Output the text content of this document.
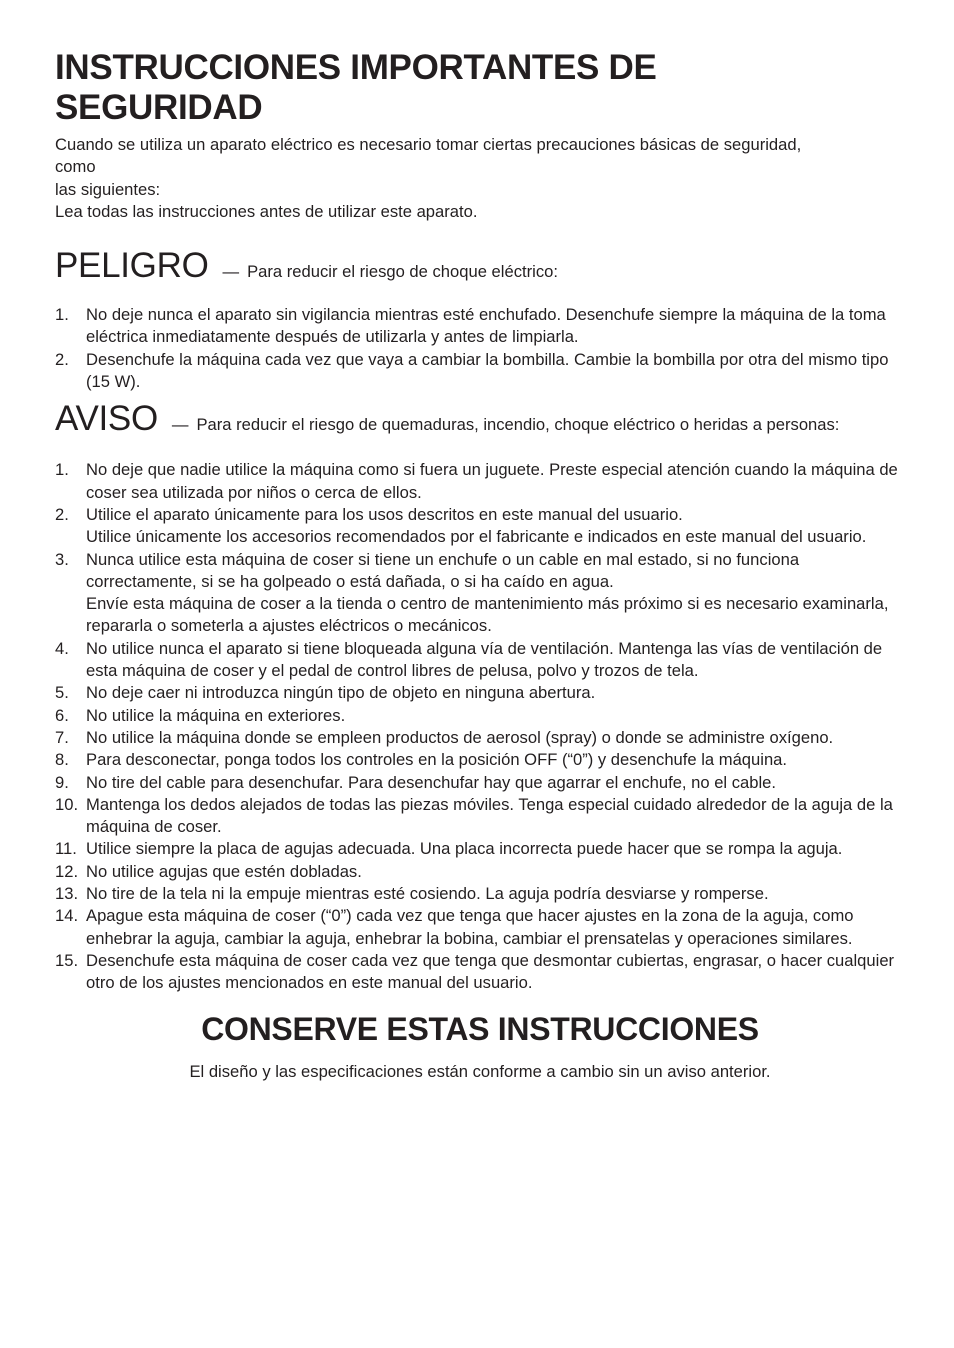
INSTRUCCIONES IMPORTANTES DE SEGURIDAD
Cuando se utiliza un aparato eléctrico es necesario tomar ciertas precauciones básicas de seguridad,
como
las siguientes:
Lea todas las instrucciones antes de utilizar este aparato.
PELIGRO — Para reducir el riesgo de choque eléctrico:
1.	No deje nunca el aparato sin vigilancia mientras esté enchufado. Desenchufe siempre la máquina de la toma eléctrica inmediatamente después de utilizarla y antes de limpiarla.
2.	Desenchufe la máquina cada vez que vaya a cambiar la bombilla. Cambie la bombilla por otra del mismo tipo (15 W).
AVISO — Para reducir el riesgo de quemaduras, incendio, choque eléctrico o heridas a personas:
1.	No deje que nadie utilice la máquina como si fuera un juguete. Preste especial atención cuando la máquina de coser sea utilizada por niños o cerca de ellos.
2.	Utilice el aparato únicamente para los usos descritos en este manual del usuario.
Utilice únicamente los accesorios recomendados por el fabricante e indicados en este manual del usuario.
3.	Nunca utilice esta máquina de coser si tiene un enchufe o un cable en mal estado, si no funciona correctamente, si se ha golpeado o está dañada, o si ha caído en agua.
Envíe esta máquina de coser a la tienda o centro de mantenimiento más próximo si es necesario examinarla, repararla o someterla a ajustes eléctricos o mecánicos.
4.	No utilice nunca el aparato si tiene bloqueada alguna vía de ventilación. Mantenga las vías de ventilación de esta máquina de coser y el pedal de control libres de pelusa, polvo y trozos de tela.
5.	No deje caer ni introduzca ningún tipo de objeto en ninguna abertura.
6.	No utilice la máquina en exteriores.
7.	No utilice la máquina donde se empleen productos de aerosol (spray) o donde se administre oxígeno.
8.	Para desconectar, ponga todos los controles en la posición OFF (“0”) y desenchufe la máquina.
9.	No tire del cable para desenchufar. Para desenchufar hay que agarrar el enchufe, no el cable.
10. Mantenga los dedos alejados de todas las piezas móviles. Tenga especial cuidado alrededor de la aguja de la máquina de coser.
11. Utilice siempre la placa de agujas adecuada. Una placa incorrecta puede hacer que se rompa la aguja.
12. No utilice agujas que estén dobladas.
13. No tire de la tela ni la empuje mientras esté cosiendo. La aguja podría desviarse y romperse.
14. Apague esta máquina de coser (“0”) cada vez que tenga que hacer ajustes en la zona de la aguja, como enhebrar la aguja, cambiar la aguja, enhebrar la bobina, cambiar el prensatelas y operaciones similares.
15. Desenchufe esta máquina de coser cada vez que tenga que desmontar cubiertas, engrasar, o hacer cualquier otro de los ajustes mencionados en este manual del usuario.
CONSERVE ESTAS INSTRUCCIONES
El diseño y las especificaciones están conforme a cambio sin un aviso anterior.
